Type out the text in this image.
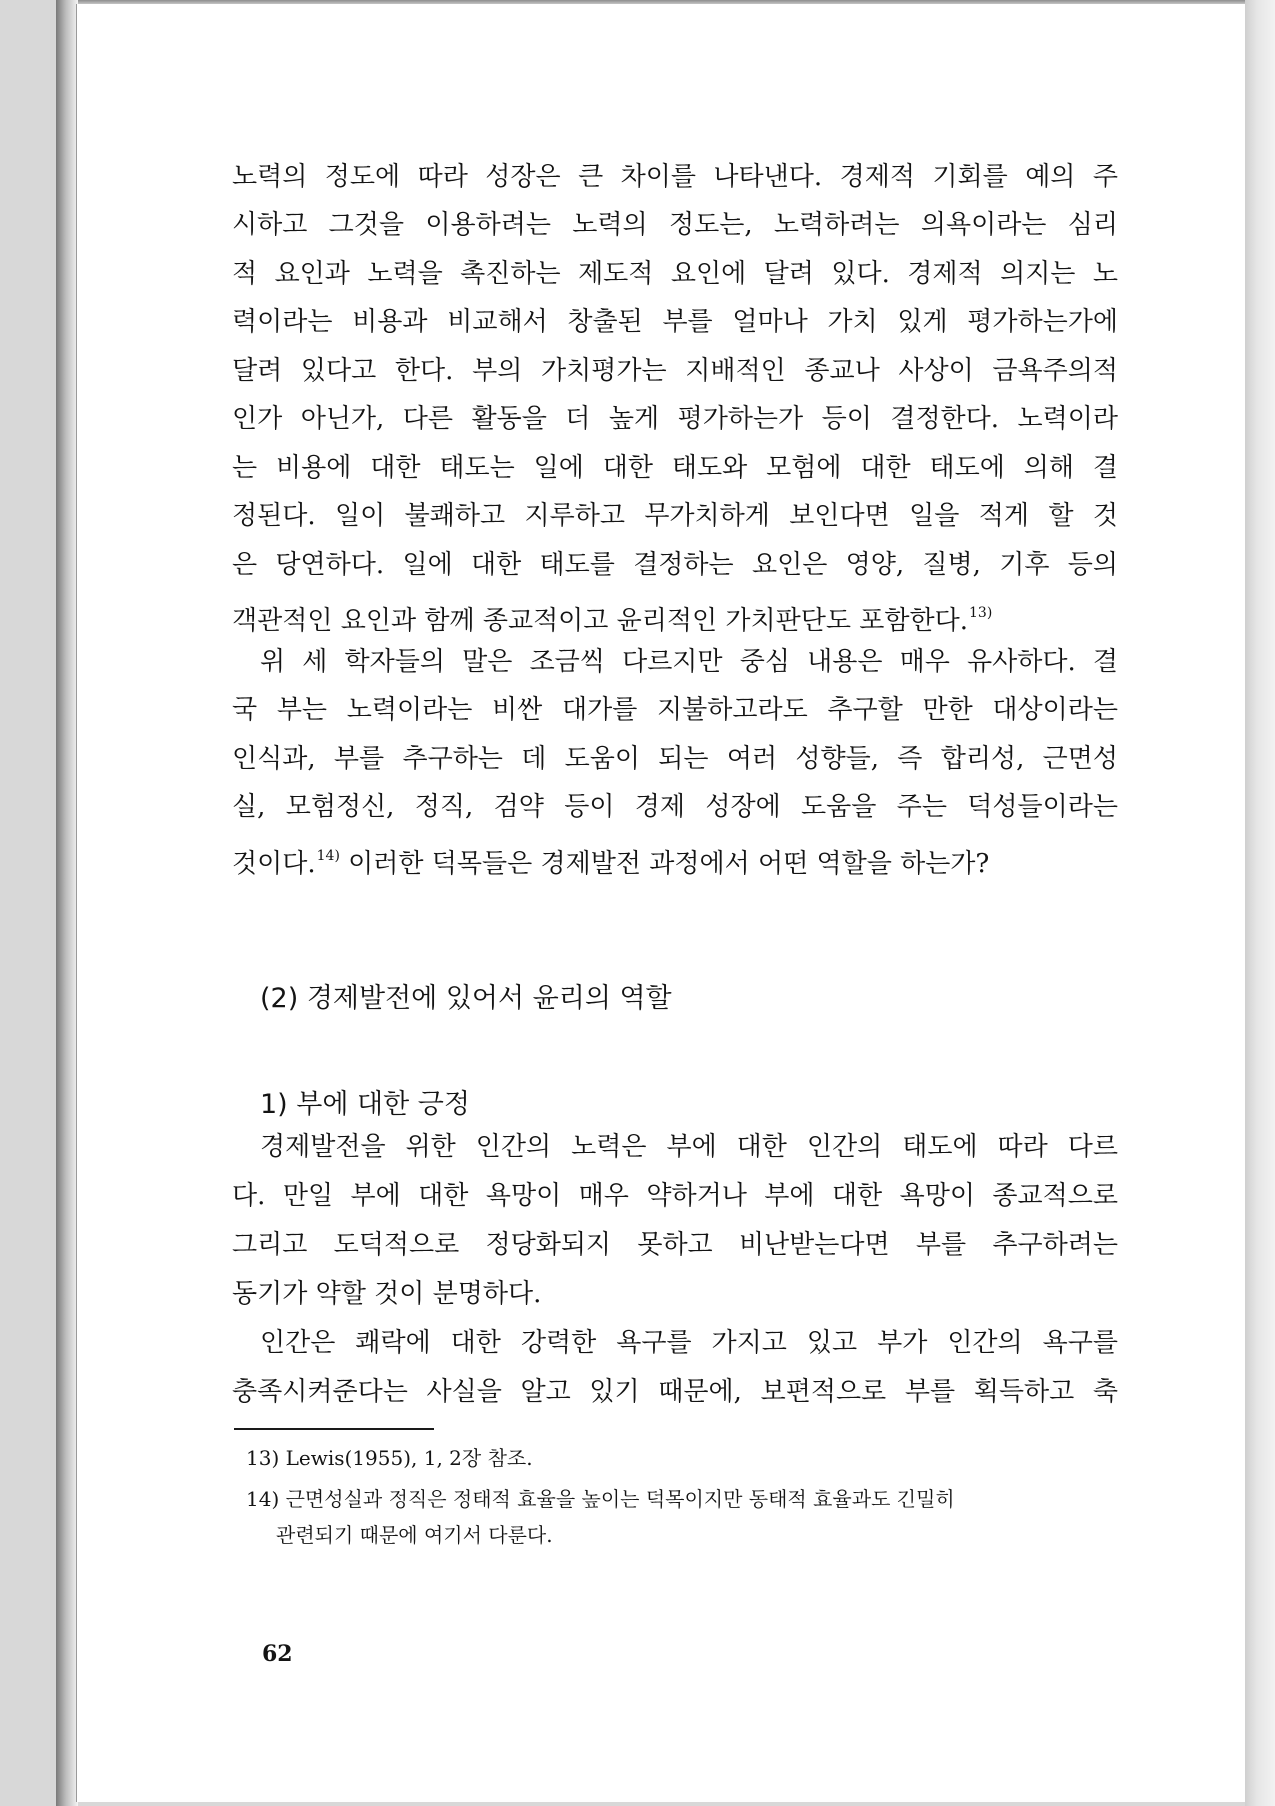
노력의 정도에 따라 성장은 큰 차이를 나타낸다. 경제적 기회를 예의 주
시하고 그것을 이용하려는 노력의 정도는, 노력하려는 의욕이라는 심리
적 요인과 노력을 촉진하는 제도적 요인에 달려 있다. 경제적 의지는 노
력이라는 비용과 비교해서 창출된 부를 얼마나 가치 있게 평가하는가에
달려 있다고 한다. 부의 가치평가는 지배적인 종교나 사상이 금욕주의적
인가 아닌가, 다른 활동을 더 높게 평가하는가 등이 결정한다. 노력이라
는 비용에 대한 태도는 일에 대한 태도와 모험에 대한 태도에 의해 결
정된다. 일이 불쾌하고 지루하고 무가치하게 보인다면 일을 적게 할 것
은 당연하다. 일에 대한 태도를 결정하는 요인은 영양, 질병, 기후 등의
객관적인 요인과 함께 종교적이고 윤리적인 가치판단도 포함한다.$^{13)}$
위 세 학자들의 말은 조금씩 다르지만 중심 내용은 매우 유사하다. 결
국 부는 노력이라는 비싼 대가를 지불하고라도 추구할 만한 대상이라는
인식과, 부를 추구하는 데 도움이 되는 여러 성향들, 즉 합리성, 근면성
실, 모험정신, 정직, 검약 등이 경제 성장에 도움을 주는 덕성들이라는
것이다.$^{14)}$ 이러한 덕목들은 경제발전 과정에서 어떤 역할을 하는가?
(2) 경제발전에 있어서 윤리의 역할
1) 부에 대한 긍정
경제발전을 위한 인간의 노력은 부에 대한 인간의 태도에 따라 다르
다. 만일 부에 대한 욕망이 매우 약하거나 부에 대한 욕망이 종교적으로
그리고 도덕적으로 정당화되지 못하고 비난받는다면 부를 추구하려는
동기가 약할 것이 분명하다.
인간은 쾌락에 대한 강력한 욕구를 가지고 있고 부가 인간의 욕구를
충족시켜준다는 사실을 알고 있기 때문에, 보편적으로 부를 획득하고 축
13) Lewis(1955), 1, 2장 참조.
14) 근면성실과 정직은 정태적 효율을 높이는 덕목이지만 동태적 효율과도 긴밀히
관련되기 때문에 여기서 다룬다.
62
